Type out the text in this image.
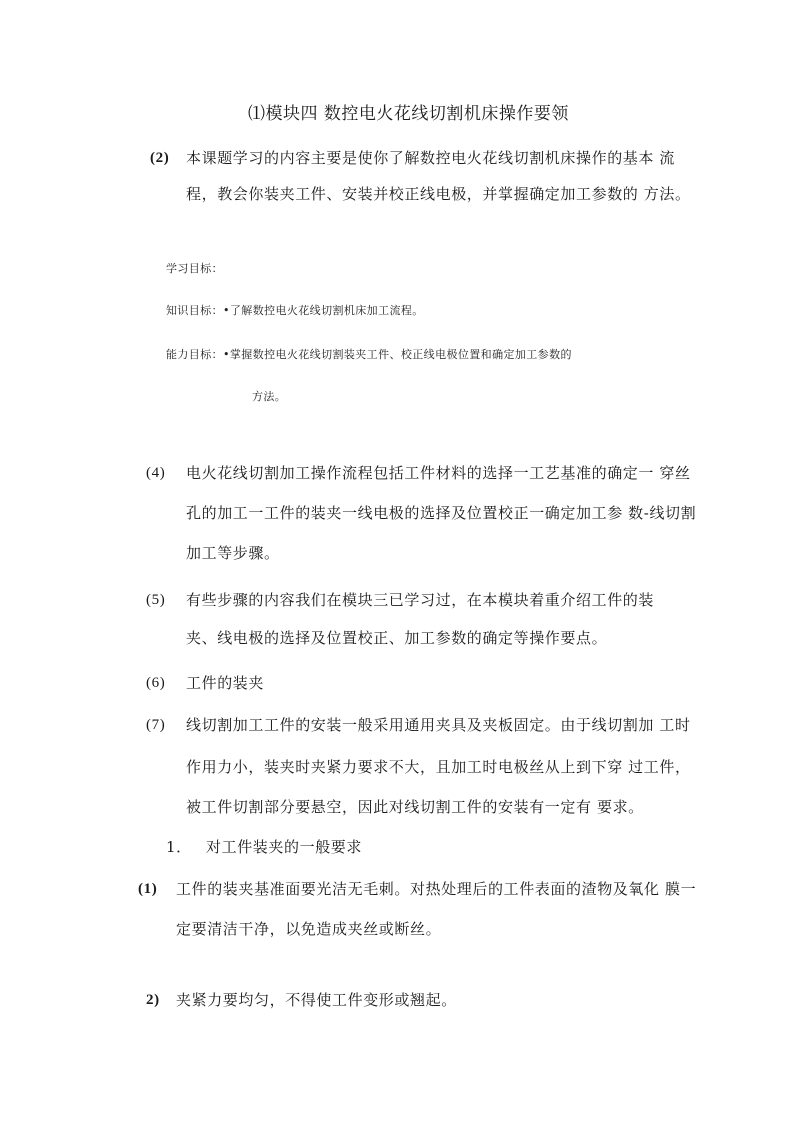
⑴模块四 数控电火花线切割机床操作要领
(2) 本课题学习的内容主要是使你了解数控电火花线切割机床操作的基本 流
程，教会你装夹工件、安装并校正线电极，并掌握确定加工参数的 方法。
学习目标：
知识目标：•了解数控电火花线切割机床加工流程。
能力目标：•掌握数控电火花线切割装夹工件、校正线电极位置和确定加工参数的
方法。
(4) 电火花线切割加工操作流程包括工件材料的选择一工艺基准的确定一 穿丝
孔的加工一工件的装夹一线电极的选择及位置校正一确定加工参 数-线切割
加工等步骤。
(5) 有些步骤的内容我们在模块三已学习过，在本模块着重介绍工件的装
夹、线电极的选择及位置校正、加工参数的确定等操作要点。
(6) 工件的装夹
(7) 线切割加工工件的安装一般采用通用夹具及夹板固定。由于线切割加 工时
作用力小，装夹时夹紧力要求不大，且加工时电极丝从上到下穿 过工件，
被工件切割部分要悬空，因此对线切割工件的安装有一定有 要求。
1． 对工件装夹的一般要求
(1) 工件的装夹基准面要光洁无毛刺。对热处理后的工件表面的渣物及氧化 膜一
定要清洁干净，以免造成夹丝或断丝。
2) 夹紧力要均匀，不得使工件变形或翘起。
